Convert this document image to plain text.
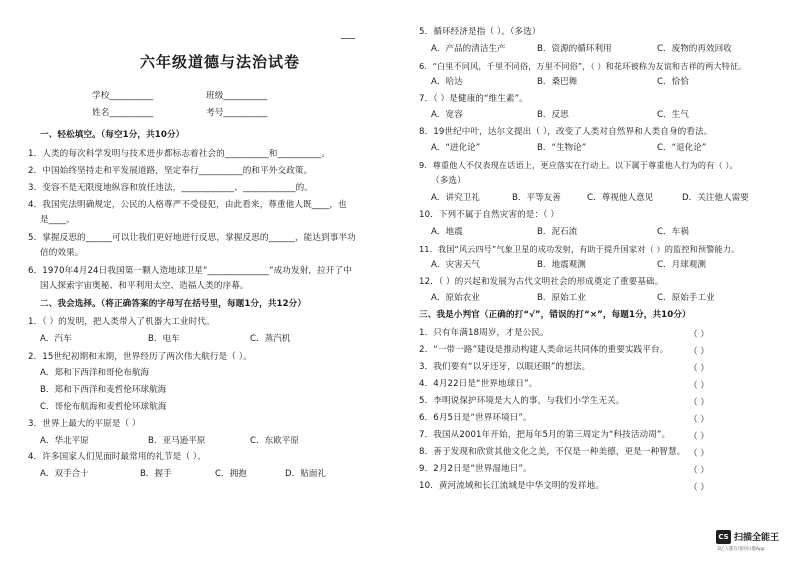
六年级道德与法治试卷
学校__________	班级__________
姓名__________	考号__________
一、轻松填空。（每空1分，共10分）
1．人类的每次科学发明与技术进步都标志着社会的__________和__________。
2．中国始终坚持走和平发展道路，坚定奉行__________的和平外交政策。
3．变容不是无限度地纵容和放任违法，____________、____________的。
4．我国宪法明确规定，公民的人格尊严不受侵犯，由此看来，尊重他人既____，也
是____。
5．掌握反思的______可以让我们更好地进行反思，掌握反思的______，能达到事半功
倍的效果。
6．1970年4月24日我国第一颗人造地球卫星“______________”成功发射，拉开了中
国人探索宇宙奥秘、和平利用太空、造福人类的序幕。
二、我会选择。（将正确答案的字母写在括号里，每题1分，共12分）
1．（ ）的发明，把人类带入了机器大工业时代。
A．汽车	B．电车	C．蒸汽机
2．15世纪初期和末期，世界经历了两次伟大航行是（ ）。
A．郑和下西洋和哥伦布航海
B．郑和下西洋和麦哲伦环球航海
C．哥伦布航海和麦哲伦环球航海
3．世界上最大的平原是（ ）
A．华北平原	B．亚马逊平原	C．东欧平原
4．许多国家人们见面时最常用的礼节是（ ）。
A．双手合十	B．握手	C．拥抱	D．贴面礼
5．循环经济是指（ ）。（多选）
A．产品的清洁生产	B．资源的循环利用	C．废物的再效回收
6．“白里不同风，千里不同俗，万里不同俗”，（ ）和花环被称为友谊和吉祥的两大特征。
A．哈达	B．桑巴舞	C．恰恰
7．（ ）是健康的“维生素”。
A．宽容	B．反思	C．生气
8．19世纪中叶，达尔文提出（ ），改变了人类对自然界和人类自身的看法。
A．“进化论”	B．“生物论”	C．“退化论”
9．尊重他人不仅表现在话语上，更应落实在行动上。以下属于尊重他人行为的有（ ）。
（多选）
A．讲究卫礼	B．平等友善	C．尊视他人意见	D．关注他人需要
10．下列不属于自然灾害的是：（ ）
A．地震	B．泥石流	C．车祸
11．我国“风云四号”气象卫星的成功发射，有助于提升国家对（ ）的监控和预警能力。
A．灾害天气	B．地震观测	C．月球观测
12．（ ）的兴起和发展为古代文明社会的形成奠定了重要基础。
A．原始农业	B．原始工业	C．原始手工业
三、我是小判官（正确的打“√”，错误的打“×”，每题1分，共10分）
1．只有年满18周岁，才是公民。	（ ）
2．“一带一路”建设是推动构建人类命运共同体的重要实践平台。 （ ）
3．我们要有“以牙还牙，以眼还眼”的想法。	（ ）
4．4月22日是“世界地球日”。	（ ）
5．李明说保护环境是大人的事，与我们小学生无关。	（ ）
6．6月5日是“世界环境日”。	（ ）
7．我国从2001年开始，把每年5月的第三周定为“科技活动周”。 （ ）
8．善于发现和欣赏其他文化之美，不仅是一种美德，更是一种智慧。 （ ）
9．2月2日是“世界湿地日”。	（ ）
10．黄河流域和长江流域是中华文明的发祥地。	（ ）
CS 扫描全能王
3亿人都在用的扫描App
